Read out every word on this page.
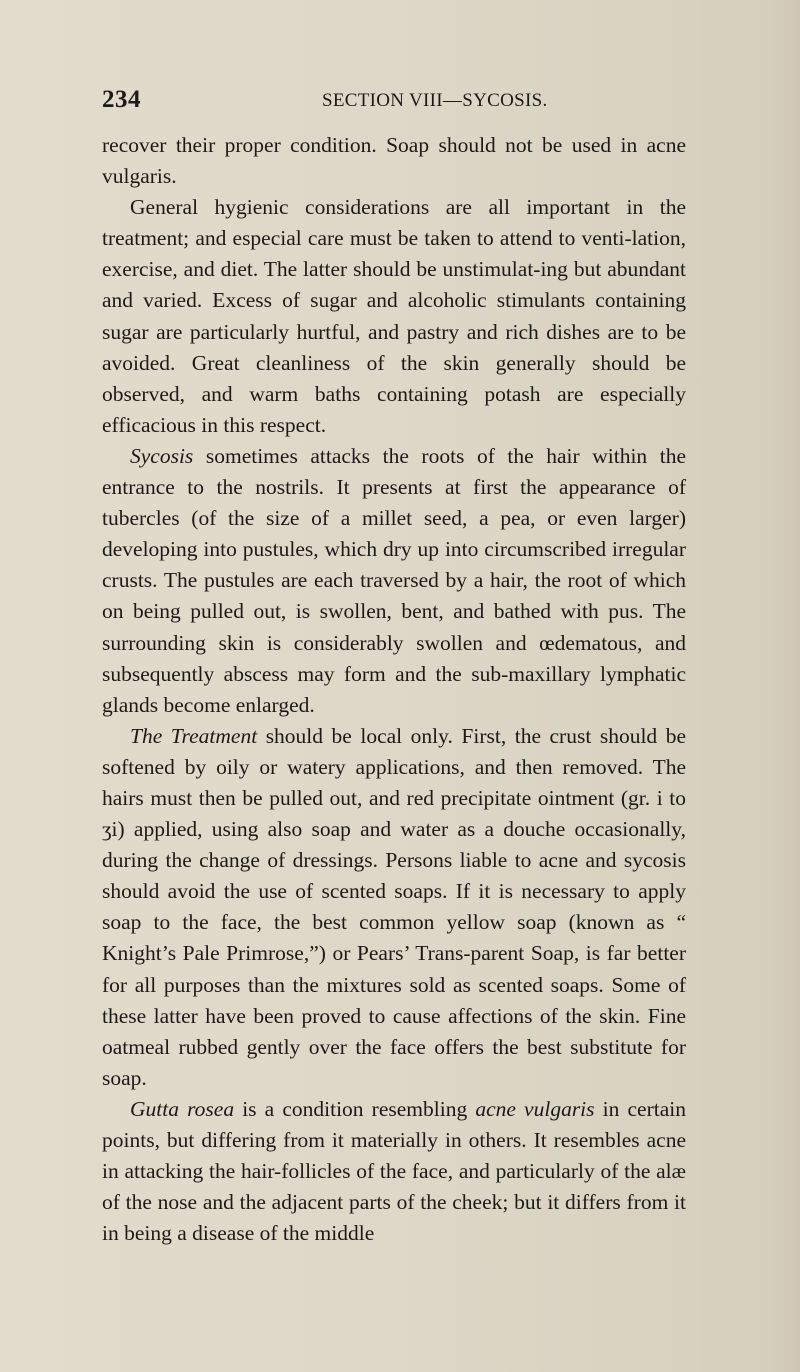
234	SECTION VIII—SYCOSIS.

recover their proper condition. Soap should not be used in acne vulgaris.

General hygienic considerations are all important in the treatment; and especial care must be taken to attend to venti-lation, exercise, and diet. The latter should be unstimulat-ing but abundant and varied. Excess of sugar and alcoholic stimulants containing sugar are particularly hurtful, and pastry and rich dishes are to be avoided. Great cleanliness of the skin generally should be observed, and warm baths containing potash are especially efficacious in this respect.

Sycosis sometimes attacks the roots of the hair within the entrance to the nostrils. It presents at first the appearance of tubercles (of the size of a millet seed, a pea, or even larger) developing into pustules, which dry up into circumscribed irregular crusts. The pustules are each traversed by a hair, the root of which on being pulled out, is swollen, bent, and bathed with pus. The surrounding skin is considerably swollen and œdematous, and subsequently abscess may form and the sub-maxillary lymphatic glands become enlarged.

The Treatment should be local only. First, the crust should be softened by oily or watery applications, and then removed. The hairs must then be pulled out, and red precipitate ointment (gr. i to ʒi) applied, using also soap and water as a douche occasionally, during the change of dressings. Persons liable to acne and sycosis should avoid the use of scented soaps. If it is necessary to apply soap to the face, the best common yellow soap (known as “ Knight’s Pale Primrose,”) or Pears’ Trans-parent Soap, is far better for all purposes than the mixtures sold as scented soaps. Some of these latter have been proved to cause affections of the skin. Fine oatmeal rubbed gently over the face offers the best substitute for soap.

Gutta rosea is a condition resembling acne vulgaris in certain points, but differing from it materially in others. It resembles acne in attacking the hair-follicles of the face, and particularly of the alæ of the nose and the adjacent parts of the cheek; but it differs from it in being a disease of the middle
